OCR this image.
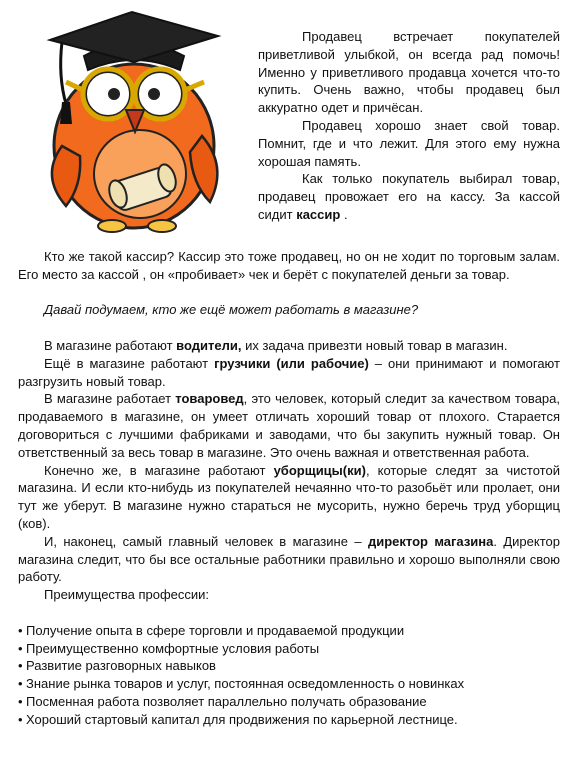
Продавец встречает покупателей приветливой улыбкой, он всегда рад помочь! Именно у приветливого продавца хочется что-то купить. Очень важно, чтобы продавец был аккуратно одет и причёсан.

Продавец хорошо знает свой товар. Помнит, где и что лежит. Для этого ему нужна хорошая память.

Как только покупатель выбирал товар, продавец провожает его на кассу. За кассой сидит кассир .

Кто же такой кассир? Кассир это тоже продавец, но он не ходит по торговым залам. Его место за кассой , он «пробивает» чек и берёт с покупателей деньги за товар.

Давай подумаем, кто же ещё может работать в магазине?

В магазине работают водители, их задача привезти новый товар в магазин.

Ещё в магазине работают грузчики (или рабочие) – они принимают и помогают разгрузить новый товар.

В магазине работает товаровед, это человек, который следит за качеством товара, продаваемого в магазине, он умеет отличать хороший товар от плохого. Старается договориться с лучшими фабриками и заводами, что бы закупить нужный товар. Он ответственный за весь товар в магазине. Это очень важная и ответственная работа.

Конечно же, в магазине работают уборщицы(ки), которые следят за чистотой магазина. И если кто-нибудь из покупателей нечаянно что-то разобьёт или пролает, они тут же уберут. В магазине нужно стараться не мусорить, нужно беречь труд уборщиц (ков).

И, наконец, самый главный человек в магазине – директор магазина. Директор магазина следит, что бы все остальные работники правильно и хорошо выполняли свою работу.

Преимущества профессии:

• Получение опыта в сфере торговли и продаваемой продукции
• Преимущественно комфортные условия работы
• Развитие разговорных навыков
• Знание рынка товаров и услуг, постоянная осведомленность о новинках
• Посменная работа позволяет параллельно получать образование
• Хороший стартовый капитал для продвижения по карьерной лестнице.
